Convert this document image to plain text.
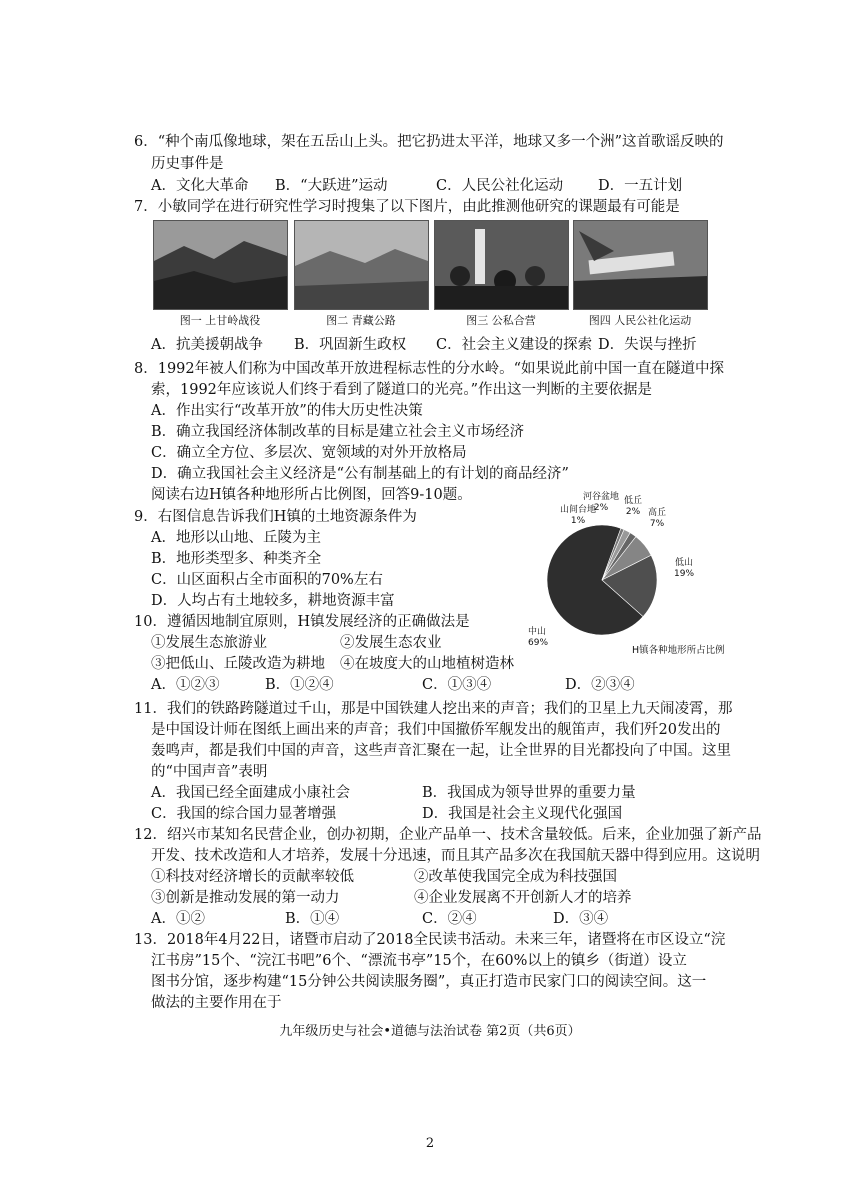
6．“种个南瓜像地球，架在五岳山上头。把它扔进太平洋，地球又多一个洲”这首歌谣反映的
历史事件是
A．文化大革命 B．“大跃进”运动	C．人民公社化运动 D．一五计划
7．小敏同学在进行研究性学习时搜集了以下图片，由此推测他研究的课题最有可能是
图一 上甘岭战役	图二 青藏公路	图三 公私合营	图四 人民公社化运动
A．抗美援朝战争 B．巩固新生政权 C．社会主义建设的探索 D．失误与挫折
8．1992年被人们称为中国改革开放进程标志性的分水岭。“如果说此前中国一直在隧道中探
索，1992年应该说人们终于看到了隧道口的光亮。”作出这一判断的主要依据是
A．作出实行“改革开放”的伟大历史性决策
B．确立我国经济体制改革的目标是建立社会主义市场经济
C．确立全方位、多层次、宽领域的对外开放格局
D．确立我国社会主义经济是“公有制基础上的有计划的商品经济”
阅读右边H镇各种地形所占比例图，回答9-10题。
9．右图信息告诉我们H镇的土地资源条件为
A．地形以山地、丘陵为主
B．地形类型多、种类齐全
C．山区面积占全市面积的70%左右
D．人均占有土地较多，耕地资源丰富
10．遵循因地制宜原则，H镇发展经济的正确做法是
①发展生态旅游业	②发展生态农业
③把低山、丘陵改造为耕地 ④在坡度大的山地植树造林
A．①②③	B．①②④	C．①③④	D．②③④
山间台地
1%
河谷盆地
2%
低丘
2% 高丘
7%
低山
19%
中山
69%
H镇各种地形所占比例
11．我们的铁路跨隧道过千山，那是中国铁建人挖出来的声音；我们的卫星上九天闹凌霄，那
是中国设计师在图纸上画出来的声音；我们中国撤侨军舰发出的舰笛声，我们歼20发出的
轰鸣声，都是我们中国的声音，这些声音汇聚在一起，让全世界的目光都投向了中国。这里
的“中国声音”表明
A．我国已经全面建成小康社会	B．我国成为领导世界的重要力量
C．我国的综合国力显著增强	D．我国是社会主义现代化强国
12．绍兴市某知名民营企业，创办初期，企业产品单一、技术含量较低。后来，企业加强了新产品
开发、技术改造和人才培养，发展十分迅速，而且其产品多次在我国航天器中得到应用。这说明
①科技对经济增长的贡献率较低	②改革使我国完全成为科技强国
③创新是推动发展的第一动力	④企业发展离不开创新人才的培养
A．①②	B．①④	C．②④	D．③④
13．2018年4月22日，诸暨市启动了2018全民读书活动。未来三年，诸暨将在市区设立“浣
江书房”15个、“浣江书吧”6个、“漂流书亭”15个，在60%以上的镇乡（街道）设立
图书分馆，逐步构建“15分钟公共阅读服务圈”，真正打造市民家门口的阅读空间。这一
做法的主要作用在于
九年级历史与社会•道德与法治试卷 第2页（共6页）
2
